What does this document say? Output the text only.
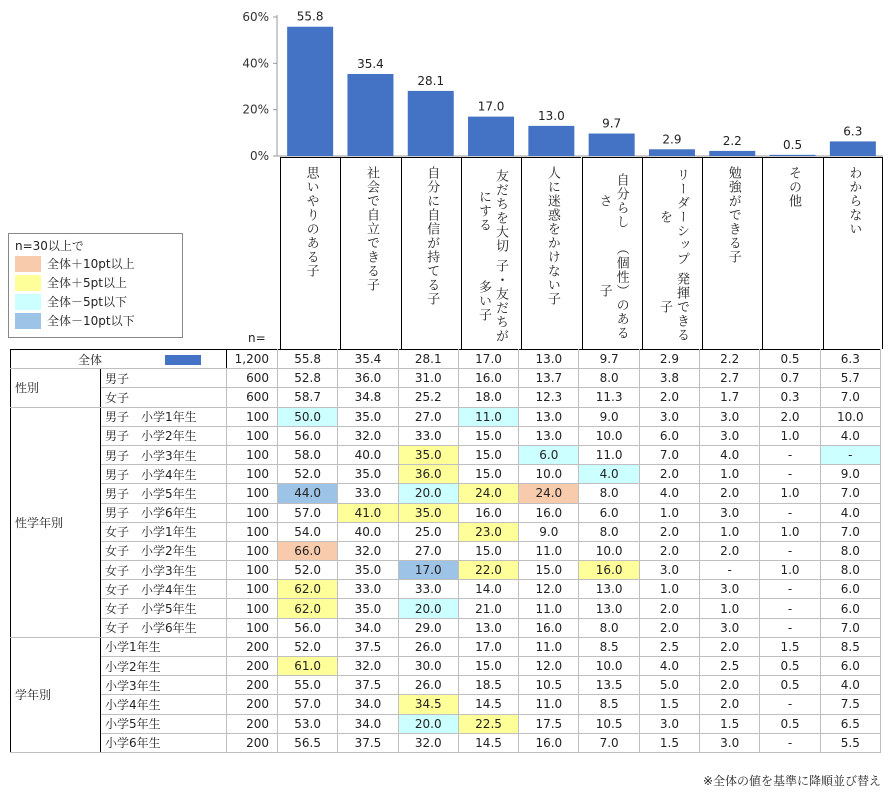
0%
20%
40%
60% 55.8
35.4
28.1
17.0
13.0
9.7
2.9	2.2	0.5
6.3
思いやりのある子	社会で自立できる子	自分に
自信が持てる子	友だちを大切にする
子・友だちが多い子
人に
迷惑をかけない子	自分らしさ
（個性）のある子
リーダーシップを
発揮できる子
勉強ができる子	その他	わからない
n=30以上で
全体＋10pt以上
全体＋5pt以上
全体－5pt以下
全体－10pt以下
n=
全体		1,200	55.8	35.4	28.1	17.0	13.0	9.7	2.9	2.2	0.5	6.3
性別	男子	600	52.8	36.0	31.0	16.0	13.7	8.0	3.8	2.7	0.7	5.7
	女子	600	58.7	34.8	25.2	18.0	12.3	11.3	2.0	1.7	0.3	7.0
性学年別	男子　小学1年生	100	50.0	35.0	27.0	11.0	13.0	9.0	3.0	3.0	2.0	10.0
	男子　小学2年生	100	56.0	32.0	33.0	15.0	13.0	10.0	6.0	3.0	1.0	4.0
	男子　小学3年生	100	58.0	40.0	35.0	15.0	6.0	11.0	7.0	4.0	-	-
	男子　小学4年生	100	52.0	35.0	36.0	15.0	10.0	4.0	2.0	1.0	-	9.0
	男子　小学5年生	100	44.0	33.0	20.0	24.0	24.0	8.0	4.0	2.0	1.0	7.0
	男子　小学6年生	100	57.0	41.0	35.0	16.0	16.0	6.0	1.0	3.0	-	4.0
	女子　小学1年生	100	54.0	40.0	25.0	23.0	9.0	8.0	2.0	1.0	1.0	7.0
	女子　小学2年生	100	66.0	32.0	27.0	15.0	11.0	10.0	2.0	2.0	-	8.0
	女子　小学3年生	100	52.0	35.0	17.0	22.0	15.0	16.0	3.0	-	1.0	8.0
	女子　小学4年生	100	62.0	33.0	33.0	14.0	12.0	13.0	1.0	3.0	-	6.0
	女子　小学5年生	100	62.0	35.0	20.0	21.0	11.0	13.0	2.0	1.0	-	6.0
	女子　小学6年生	100	56.0	34.0	29.0	13.0	16.0	8.0	2.0	3.0	-	7.0
学年別	小学1年生	200	52.0	37.5	26.0	17.0	11.0	8.5	2.5	2.0	1.5	8.5
	小学2年生	200	61.0	32.0	30.0	15.0	12.0	10.0	4.0	2.5	0.5	6.0
	小学3年生	200	55.0	37.5	26.0	18.5	10.5	13.5	5.0	2.0	0.5	4.0
	小学4年生	200	57.0	34.0	34.5	14.5	11.0	8.5	1.5	2.0	-	7.5
	小学5年生	200	53.0	34.0	20.0	22.5	17.5	10.5	3.0	1.5	0.5	6.5
	小学6年生	200	56.5	37.5	32.0	14.5	16.0	7.0	1.5	3.0	-	5.5
※全体の値を基準に降順並び替え
